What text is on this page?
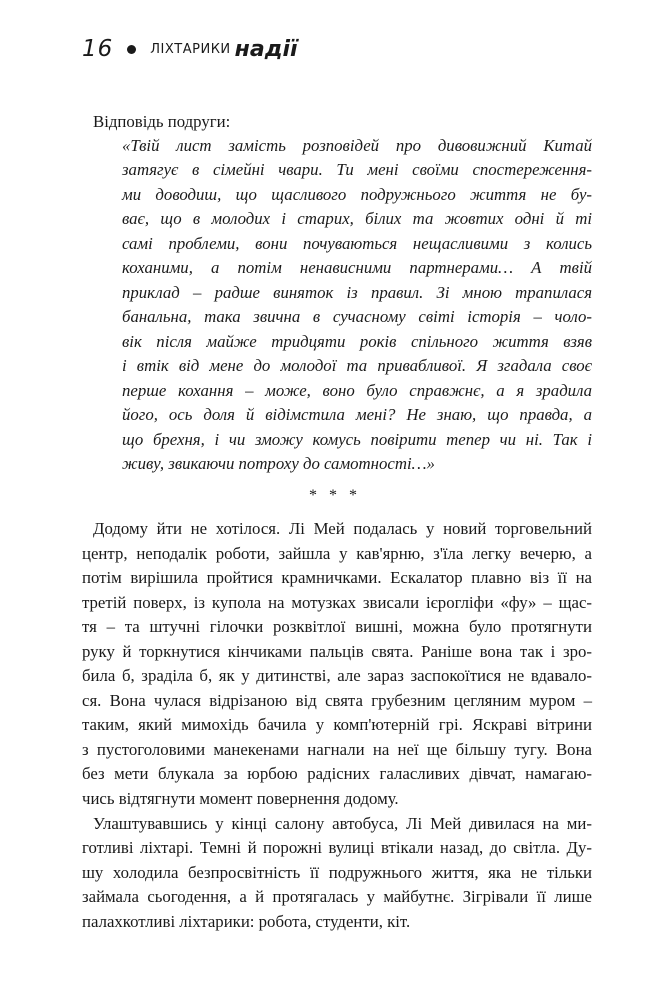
16	ЛІХТАРИКИ надії
Відповідь подруги:
«Твій лист замість розповідей про дивовижний Китай
затягує в сімейні чвари. Ти мені своїми спостереження-
ми доводиш, що щасливого подружнього життя не бу-
ває, що в молодих і старих, білих та жовтих одні й ті
самі проблеми, вони почуваються нещасливими з колись
коханими, а потім ненависними партнерами… А твій
приклад – радше виняток із правил. Зі мною трапилася
банальна, така звична в сучасному світі історія – чоло-
вік після майже тридцяти років спільного життя взяв
і втік від мене до молодої та привабливої. Я згадала своє
перше кохання – може, воно було справжнє, а я зрадила
його, ось доля й відімстила мені? Не знаю, що правда, а
що брехня, і чи зможу комусь повірити тепер чи ні. Так і
живу, звикаючи потроху до самотності…»
* * *
Додому йти не хотілося. Лі Мей подалась у новий торговельний
центр, неподалік роботи, зайшла у кав'ярню, з'їла легку вечерю, а
потім вирішила пройтися крамничками. Ескалатор плавно віз її на
третій поверх, із купола на мотузках звисали ієрогліфи «фу» – щас-
тя – та штучні гілочки розквітлої вишні, можна було протягнути
руку й торкнутися кінчиками пальців свята. Раніше вона так і зро-
била б, зраділа б, як у дитинстві, але зараз заспокоїтися не вдавало-
ся. Вона чулася відрізаною від свята грубезним цегляним муром –
таким, який мимохідь бачила у комп'ютерній грі. Яскраві вітрини
з пустоголовими манекенами нагнали на неї ще більшу тугу. Вона
без мети блукала за юрбою радісних галасливих дівчат, намагаю-
чись відтягнути момент повернення додому.
Улаштувавшись у кінці салону автобуса, Лі Мей дивилася на ми-
готливі ліхтарі. Темні й порожні вулиці втікали назад, до світла. Ду-
шу холодила безпросвітність її подружнього життя, яка не тільки
займала сьогодення, а й протягалась у майбутнє. Зігрівали її лише
палахкотливі ліхтарики: робота, студенти, кіт.
